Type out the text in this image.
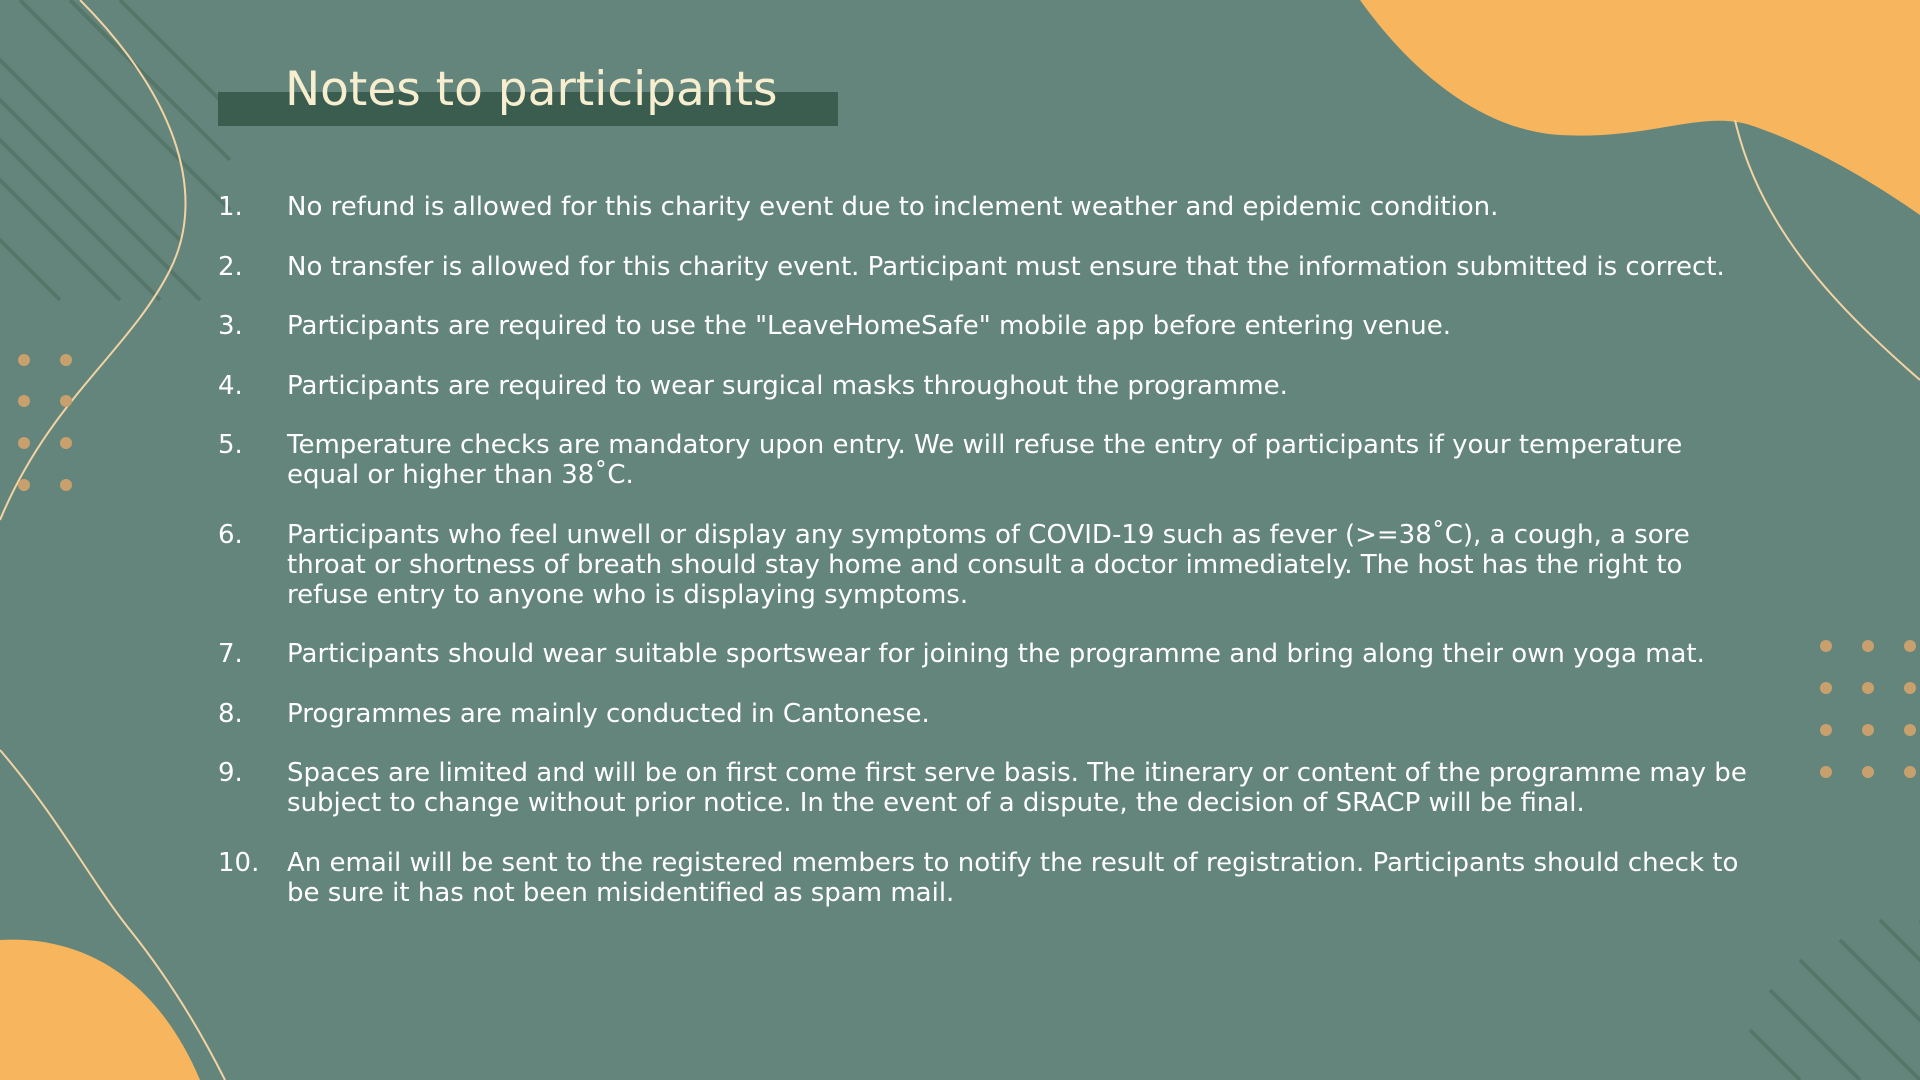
Notes to participants
1. No refund is allowed for this charity event due to inclement weather and epidemic condition.
2. No transfer is allowed for this charity event. Participant must ensure that the information submitted is correct.
3. Participants are required to use the "LeaveHomeSafe" mobile app before entering venue.
4. Participants are required to wear surgical masks throughout the programme.
5. Temperature checks are mandatory upon entry. We will refuse the entry of participants if your temperature equal or higher than 38˚C.
6. Participants who feel unwell or display any symptoms of COVID-19 such as fever (>=38˚C), a cough, a sore throat or shortness of breath should stay home and consult a doctor immediately. The host has the right to refuse entry to anyone who is displaying symptoms.
7. Participants should wear suitable sportswear for joining the programme and bring along their own yoga mat.
8. Programmes are mainly conducted in Cantonese.
9. Spaces are limited and will be on first come first serve basis. The itinerary or content of the programme may be subject to change without prior notice. In the event of a dispute, the decision of SRACP will be final.
10. An email will be sent to the registered members to notify the result of registration. Participants should check to be sure it has not been misidentified as spam mail.
